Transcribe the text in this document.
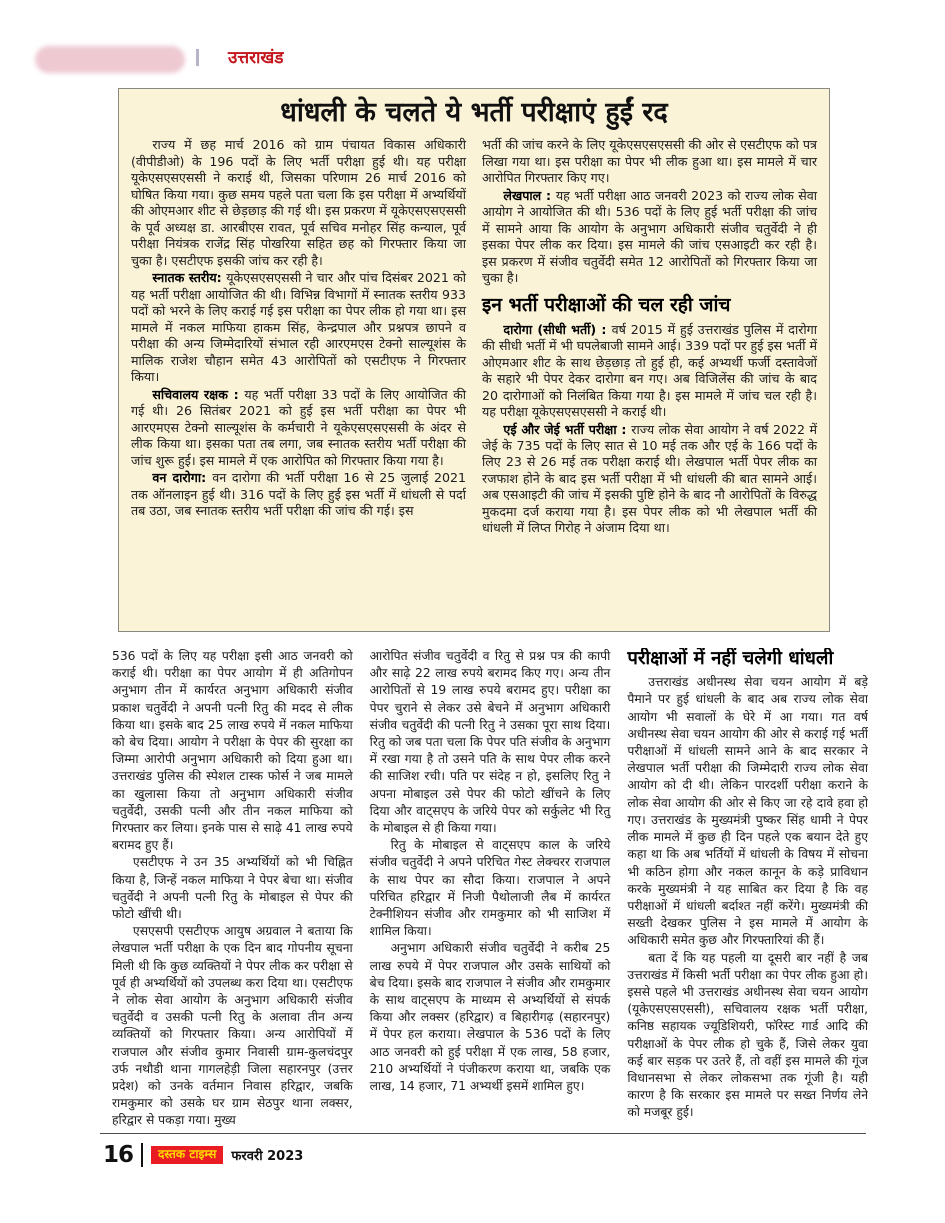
उत्तराखंड
धांधली के चलते ये भर्ती परीक्षाएं हुईं रद

राज्य में छह मार्च 2016 को ग्राम पंचायत विकास अधिकारी (वीपीडीओ) के 196 पदों के लिए भर्ती परीक्षा हुई थी। यह परीक्षा यूकेएसएसएससी ने कराई थी, जिसका परिणाम 26 मार्च 2016 को घोषित किया गया। कुछ समय पहले पता चला कि इस परीक्षा में अभ्यर्थियों की ओएमआर शीट से छेड़छाड़ की गई थी। इस प्रकरण में यूकेएसएसएससी के पूर्व अध्यक्ष डा. आरबीएस रावत, पूर्व सचिव मनोहर सिंह कन्याल, पूर्व परीक्षा नियंत्रक राजेंद्र सिंह पोखरिया सहित छह को गिरफ्तार किया जा चुका है। एसटीएफ इसकी जांच कर रही है।

स्नातक स्तरीय: यूकेएसएसएससी ने चार और पांच दिसंबर 2021 को यह भर्ती परीक्षा आयोजित की थी। विभिन्न विभागों में स्नातक स्तरीय 933 पदों को भरने के लिए कराई गई इस परीक्षा का पेपर लीक हो गया था। इस मामले में नकल माफिया हाकम सिंह, केन्द्रपाल और प्रश्नपत्र छापने व परीक्षा की अन्य जिम्मेदारियों संभाल रही आरएमएस टेक्नो साल्यूशंस के मालिक राजेश चौहान समेत 43 आरोपितों को एसटीएफ ने गिरफ्तार किया।

सचिवालय रक्षक : यह भर्ती परीक्षा 33 पदों के लिए आयोजित की गई थी। 26 सितंबर 2021 को हुई इस भर्ती परीक्षा का पेपर भी आरएमएस टेक्नो साल्यूशंस के कर्मचारी ने यूकेएसएसएससी के अंदर से लीक किया था। इसका पता तब लगा, जब स्नातक स्तरीय भर्ती परीक्षा की जांच शुरू हुई। इस मामले में एक आरोपित को गिरफ्तार किया गया है।

वन दारोगा: वन दारोगा की भर्ती परीक्षा 16 से 25 जुलाई 2021 तक ऑनलाइन हुई थी। 316 पदों के लिए हुई इस भर्ती में धांधली से पर्दा तब उठा, जब स्नातक स्तरीय भर्ती परीक्षा की जांच की गई। इस

भर्ती की जांच करने के लिए यूकेएसएसएससी की ओर से एसटीएफ को पत्र लिखा गया था। इस परीक्षा का पेपर भी लीक हुआ था। इस मामले में चार आरोपित गिरफ्तार किए गए।

लेखपाल : यह भर्ती परीक्षा आठ जनवरी 2023 को राज्य लोक सेवा आयोग ने आयोजित की थी। 536 पदों के लिए हुई भर्ती परीक्षा की जांच में सामने आया कि आयोग के अनुभाग अधिकारी संजीव चतुर्वेदी ने ही इसका पेपर लीक कर दिया। इस मामले की जांच एसआइटी कर रही है। इस प्रकरण में संजीव चतुर्वेदी समेत 12 आरोपितों को गिरफ्तार किया जा चुका है।

इन भर्ती परीक्षाओं की चल रही जांच

दारोगा (सीधी भर्ती) : वर्ष 2015 में हुई उत्तराखंड पुलिस में दारोगा की सीधी भर्ती में भी घपलेबाजी सामने आई। 339 पदों पर हुई इस भर्ती में ओएमआर शीट के साथ छेड़छाड़ तो हुई ही, कई अभ्यर्थी फर्जी दस्तावेजों के सहारे भी पेपर देकर दारोगा बन गए। अब विजिलेंस की जांच के बाद 20 दारोगाओं को निलंबित किया गया है। इस मामले में जांच चल रही है। यह परीक्षा यूकेएसएसएससी ने कराई थी।

एई और जेई भर्ती परीक्षा : राज्य लोक सेवा आयोग ने वर्ष 2022 में जेई के 735 पदों के लिए सात से 10 मई तक और एई के 166 पदों के लिए 23 से 26 मई तक परीक्षा कराई थी। लेखपाल भर्ती पेपर लीक का रजफाश होने के बाद इस भर्ती परीक्षा में भी धांधली की बात सामने आई। अब एसआइटी की जांच में इसकी पुष्टि होने के बाद नौ आरोपितों के विरुद्ध मुकदमा दर्ज कराया गया है। इस पेपर लीक को भी लेखपाल भर्ती की धांधली में लिप्त गिरोह ने अंजाम दिया था।

536 पदों के लिए यह परीक्षा इसी आठ जनवरी को कराई थी। परीक्षा का पेपर आयोग में ही अतिगोपन अनुभाग तीन में कार्यरत अनुभाग अधिकारी संजीव प्रकाश चतुर्वेदी ने अपनी पत्नी रितु की मदद से लीक किया था। इसके बाद 25 लाख रुपये में नकल माफिया को बेच दिया। आयोग ने परीक्षा के पेपर की सुरक्षा का जिम्मा आरोपी अनुभाग अधिकारी को दिया हुआ था। उत्तराखंड पुलिस की स्पेशल टास्क फोर्स ने जब मामले का खुलासा किया तो अनुभाग अधिकारी संजीव चतुर्वेदी, उसकी पत्नी और तीन नकल माफिया को गिरफ्तार कर लिया। इनके पास से साढ़े 41 लाख रुपये बरामद हुए हैं।

एसटीएफ ने उन 35 अभ्यर्थियों को भी चिह्नित किया है, जिन्हें नकल माफिया ने पेपर बेचा था। संजीव चतुर्वेदी ने अपनी पत्नी रितु के मोबाइल से पेपर की फोटो खींची थी।

एसएसपी एसटीएफ आयुष अग्रवाल ने बताया कि लेखपाल भर्ती परीक्षा के एक दिन बाद गोपनीय सूचना मिली थी कि कुछ व्यक्तियों ने पेपर लीक कर परीक्षा से पूर्व ही अभ्यर्थियों को उपलब्ध करा दिया था। एसटीएफ ने लोक सेवा आयोग के अनुभाग अधिकारी संजीव चतुर्वेदी व उसकी पत्नी रितु के अलावा तीन अन्य व्यक्तियों को गिरफ्तार किया। अन्य आरोपियों में राजपाल और संजीव कुमार निवासी ग्राम-कुलचंदपुर उर्फ नथौडी थाना गागलहेड़ी जिला सहारनपुर (उत्तर प्रदेश) को उनके वर्तमान निवास हरिद्वार, जबकि रामकुमार को उसके घर ग्राम सेठपुर थाना लक्सर, हरिद्वार से पकड़ा गया। मुख्य

आरोपित संजीव चतुर्वेदी व रितु से प्रश्न पत्र की कापी और साढ़े 22 लाख रुपये बरामद किए गए। अन्य तीन आरोपितों से 19 लाख रुपये बरामद हुए। परीक्षा का पेपर चुराने से लेकर उसे बेचने में अनुभाग अधिकारी संजीव चतुर्वेदी की पत्नी रितु ने उसका पूरा साथ दिया। रितु को जब पता चला कि पेपर पति संजीव के अनुभाग में रखा गया है तो उसने पति के साथ पेपर लीक करने की साजिश रची। पति पर संदेह न हो, इसलिए रितु ने अपना मोबाइल उसे पेपर की फोटो खींचने के लिए दिया और वाट्सएप के जरिये पेपर को सर्कुलेट भी रितु के मोबाइल से ही किया गया।

रितु के मोबाइल से वाट्सएप काल के जरिये संजीव चतुर्वेदी ने अपने परिचित गेस्ट लेक्चरर राजपाल के साथ पेपर का सौदा किया। राजपाल ने अपने परिचित हरिद्वार में निजी पैथोलाजी लैब में कार्यरत टेक्नीशियन संजीव और रामकुमार को भी साजिश में शामिल किया।

अनुभाग अधिकारी संजीव चतुर्वेदी ने करीब 25 लाख रुपये में पेपर राजपाल और उसके साथियों को बेच दिया। इसके बाद राजपाल ने संजीव और रामकुमार के साथ वाट्सएप के माध्यम से अभ्यर्थियों से संपर्क किया और लक्सर (हरिद्वार) व बिहारीगढ़ (सहारनपुर) में पेपर हल कराया। लेखपाल के 536 पदों के लिए आठ जनवरी को हुई परीक्षा में एक लाख, 58 हजार, 210 अभ्यर्थियों ने पंजीकरण कराया था, जबकि एक लाख, 14 हजार, 71 अभ्यर्थी इसमें शामिल हुए।

परीक्षाओं में नहीं चलेगी धांधली

उत्तराखंड अधीनस्थ सेवा चयन आयोग में बड़े पैमाने पर हुई धांधली के बाद अब राज्य लोक सेवा आयोग भी सवालों के घेरे में आ गया। गत वर्ष अधीनस्थ सेवा चयन आयोग की ओर से कराई गई भर्ती परीक्षाओं में धांधली सामने आने के बाद सरकार ने लेखपाल भर्ती परीक्षा की जिम्मेदारी राज्य लोक सेवा आयोग को दी थी। लेकिन पारदर्शी परीक्षा कराने के लोक सेवा आयोग की ओर से किए जा रहे दावे हवा हो गए। उत्तराखंड के मुख्यमंत्री पुष्कर सिंह धामी ने पेपर लीक मामले में कुछ ही दिन पहले एक बयान देते हुए कहा था कि अब भर्तियों में धांधली के विषय में सोचना भी कठिन होगा और नकल कानून के कड़े प्राविधान करके मुख्यमंत्री ने यह साबित कर दिया है कि वह परीक्षाओं में धांधली बर्दाश्त नहीं करेंगे। मुख्यमंत्री की सख्ती देखकर पुलिस ने इस मामले में आयोग के अधिकारी समेत कुछ और गिरफ्तारियां की हैं।

बता दें कि यह पहली या दूसरी बार नहीं है जब उत्तराखंड में किसी भर्ती परीक्षा का पेपर लीक हुआ हो। इससे पहले भी उत्तराखंड अधीनस्थ सेवा चयन आयोग (यूकेएसएसएससी), सचिवालय रक्षक भर्ती परीक्षा, कनिष्ठ सहायक ज्यूडिशियरी, फॉरेस्ट गार्ड आदि की परीक्षाओं के पेपर लीक हो चुके हैं, जिसे लेकर युवा कई बार सड़क पर उतरे हैं, तो वहीं इस मामले की गूंज विधानसभा से लेकर लोकसभा तक गूंजी है। यही कारण है कि सरकार इस मामले पर सख्त निर्णय लेने को मजबूर हुई।

16	दस्तक टाइम्स	फरवरी 2023
